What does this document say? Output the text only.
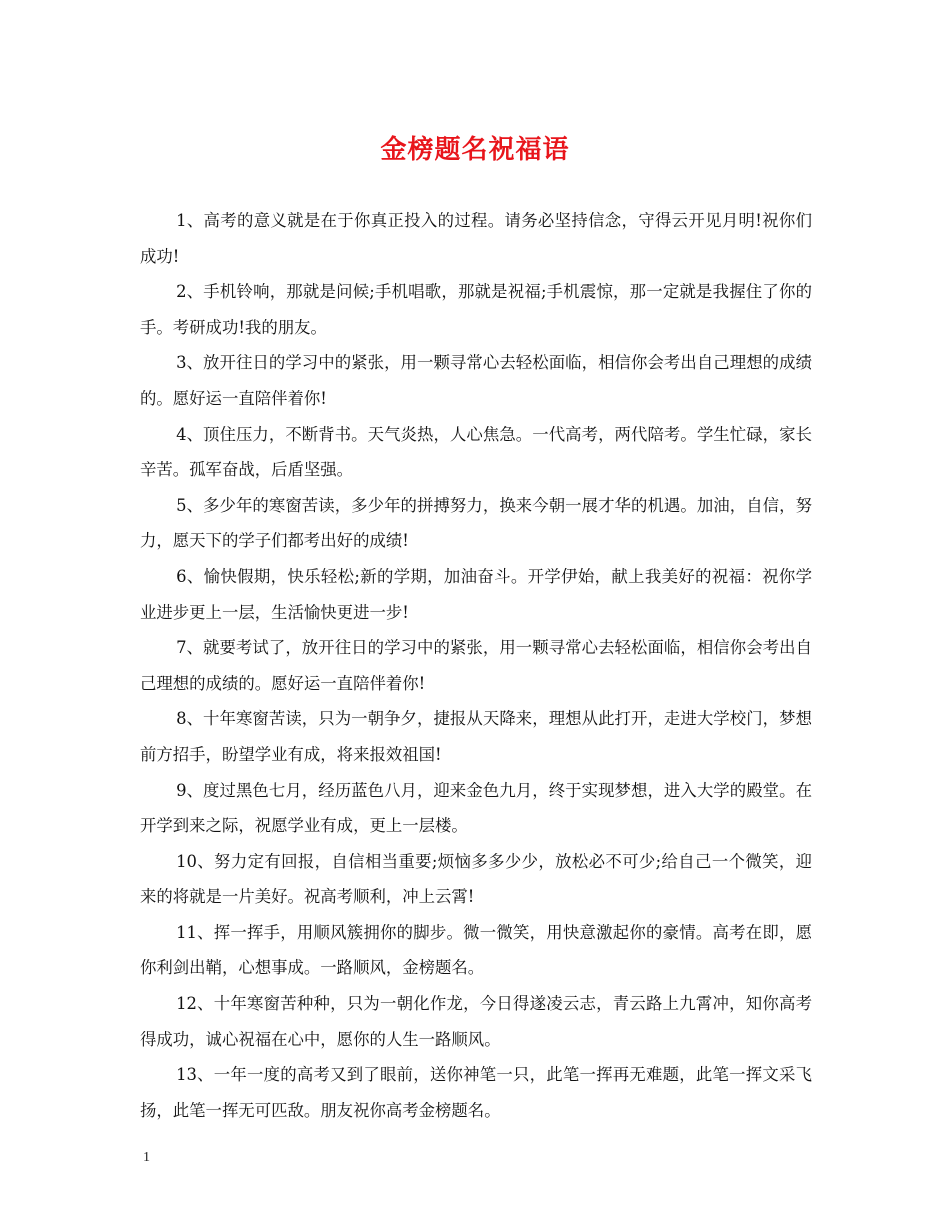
金榜题名祝福语

1、高考的意义就是在于你真正投入的过程。请务必坚持信念，守得云开见月明!祝你们成功!

2、手机铃响，那就是问候;手机唱歌，那就是祝福;手机震惊，那一定就是我握住了你的手。考研成功!我的朋友。

3、放开往日的学习中的紧张，用一颗寻常心去轻松面临，相信你会考出自己理想的成绩的。愿好运一直陪伴着你!

4、顶住压力，不断背书。天气炎热，人心焦急。一代高考，两代陪考。学生忙碌，家长辛苦。孤军奋战，后盾坚强。

5、多少年的寒窗苦读，多少年的拼搏努力，换来今朝一展才华的机遇。加油，自信，努力，愿天下的学子们都考出好的成绩!

6、愉快假期，快乐轻松;新的学期，加油奋斗。开学伊始，献上我美好的祝福：祝你学业进步更上一层，生活愉快更进一步!

7、就要考试了，放开往日的学习中的紧张，用一颗寻常心去轻松面临，相信你会考出自己理想的成绩的。愿好运一直陪伴着你!

8、十年寒窗苦读，只为一朝争夕，捷报从天降来，理想从此打开，走进大学校门，梦想前方招手，盼望学业有成，将来报效祖国!

9、度过黑色七月，经历蓝色八月，迎来金色九月，终于实现梦想，进入大学的殿堂。在开学到来之际，祝愿学业有成，更上一层楼。

10、努力定有回报，自信相当重要;烦恼多多少少，放松必不可少;给自己一个微笑，迎来的将就是一片美好。祝高考顺利，冲上云霄!

11、挥一挥手，用顺风簇拥你的脚步。微一微笑，用快意激起你的豪情。高考在即，愿你利剑出鞘，心想事成。一路顺风，金榜题名。

12、十年寒窗苦种种，只为一朝化作龙，今日得遂凌云志，青云路上九霄冲，知你高考得成功，诚心祝福在心中，愿你的人生一路顺风。

13、一年一度的高考又到了眼前，送你神笔一只，此笔一挥再无难题，此笔一挥文采飞扬，此笔一挥无可匹敌。朋友祝你高考金榜题名。

1
